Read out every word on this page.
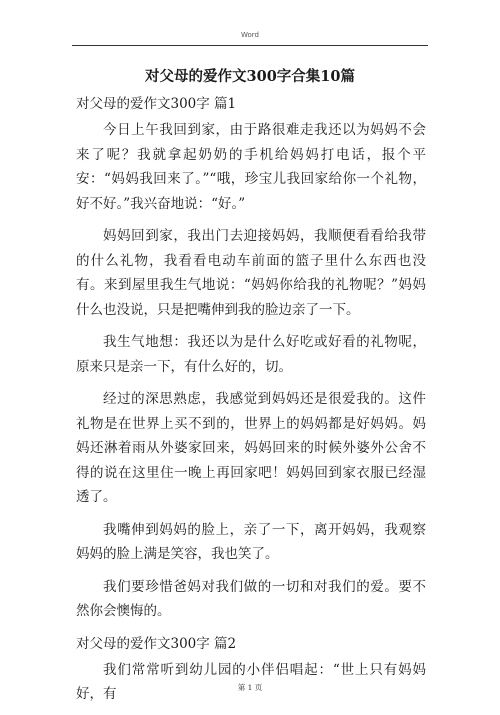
Word
对父母的爱作文300字合集10篇
对父母的爱作文300字 篇1

今日上午我回到家，由于路很难走我还以为妈妈不会来了呢？我就拿起奶奶的手机给妈妈打电话，报个平安：“妈妈我回来了。”“哦，珍宝儿我回家给你一个礼物，好不好。”我兴奋地说：“好。”

妈妈回到家，我出门去迎接妈妈，我顺便看看给我带的什么礼物，我看看电动车前面的篮子里什么东西也没有。来到屋里我生气地说：“妈妈你给我的礼物呢？”妈妈什么也没说，只是把嘴伸到我的脸边亲了一下。

我生气地想：我还以为是什么好吃或好看的礼物呢，原来只是亲一下，有什么好的，切。

经过的深思熟虑，我感觉到妈妈还是很爱我的。这件礼物是在世界上买不到的，世界上的妈妈都是好妈妈。妈妈还淋着雨从外婆家回来，妈妈回来的时候外婆外公舍不得的说在这里住一晚上再回家吧！妈妈回到家衣服已经湿透了。

我嘴伸到妈妈的脸上，亲了一下，离开妈妈，我观察妈妈的脸上满是笑容，我也笑了。

我们要珍惜爸妈对我们做的一切和对我们的爱。要不然你会懊悔的。

对父母的爱作文300字 篇2

我们常常听到幼儿园的小伴侣唱起：“世上只有妈妈好，有	第 1 页
